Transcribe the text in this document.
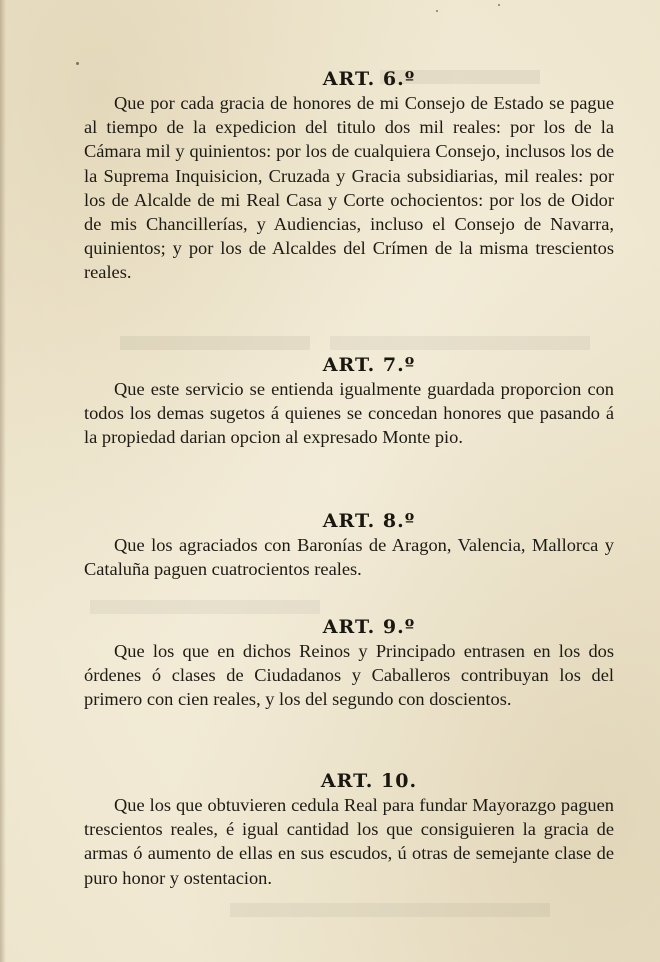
ART. 6.º

Que por cada gracia de honores de mi Consejo de Estado se pague al tiempo de la expedicion del titulo dos mil reales: por los de la Cámara mil y quinientos: por los de cualquiera Consejo, inclusos los de la Suprema Inquisicion, Cruzada y Gracia subsidiarias, mil reales: por los de Alcalde de mi Real Casa y Corte ochocientos: por los de Oidor de mis Chancillerías, y Audiencias, incluso el Consejo de Navarra, quinientos; y por los de Alcaldes del Crímen de la misma trescientos reales.

ART. 7.º

Que este servicio se entienda igualmente guardada proporcion con todos los demas sugetos á quienes se concedan honores que pasando á la propiedad darian opcion al expresado Monte pio.

ART. 8.º

Que los agraciados con Baronías de Aragon, Valencia, Mallorca y Cataluña paguen cuatrocientos reales.

ART. 9.º

Que los que en dichos Reinos y Principado entrasen en los dos órdenes ó clases de Ciudadanos y Caballeros contribuyan los del primero con cien reales, y los del segundo con doscientos.

ART. 10.

Que los que obtuvieren cedula Real para fundar Mayorazgo paguen trescientos reales, é igual cantidad los que consiguieren la gracia de armas ó aumento de ellas en sus escudos, ú otras de semejante clase de puro honor y ostentacion.
